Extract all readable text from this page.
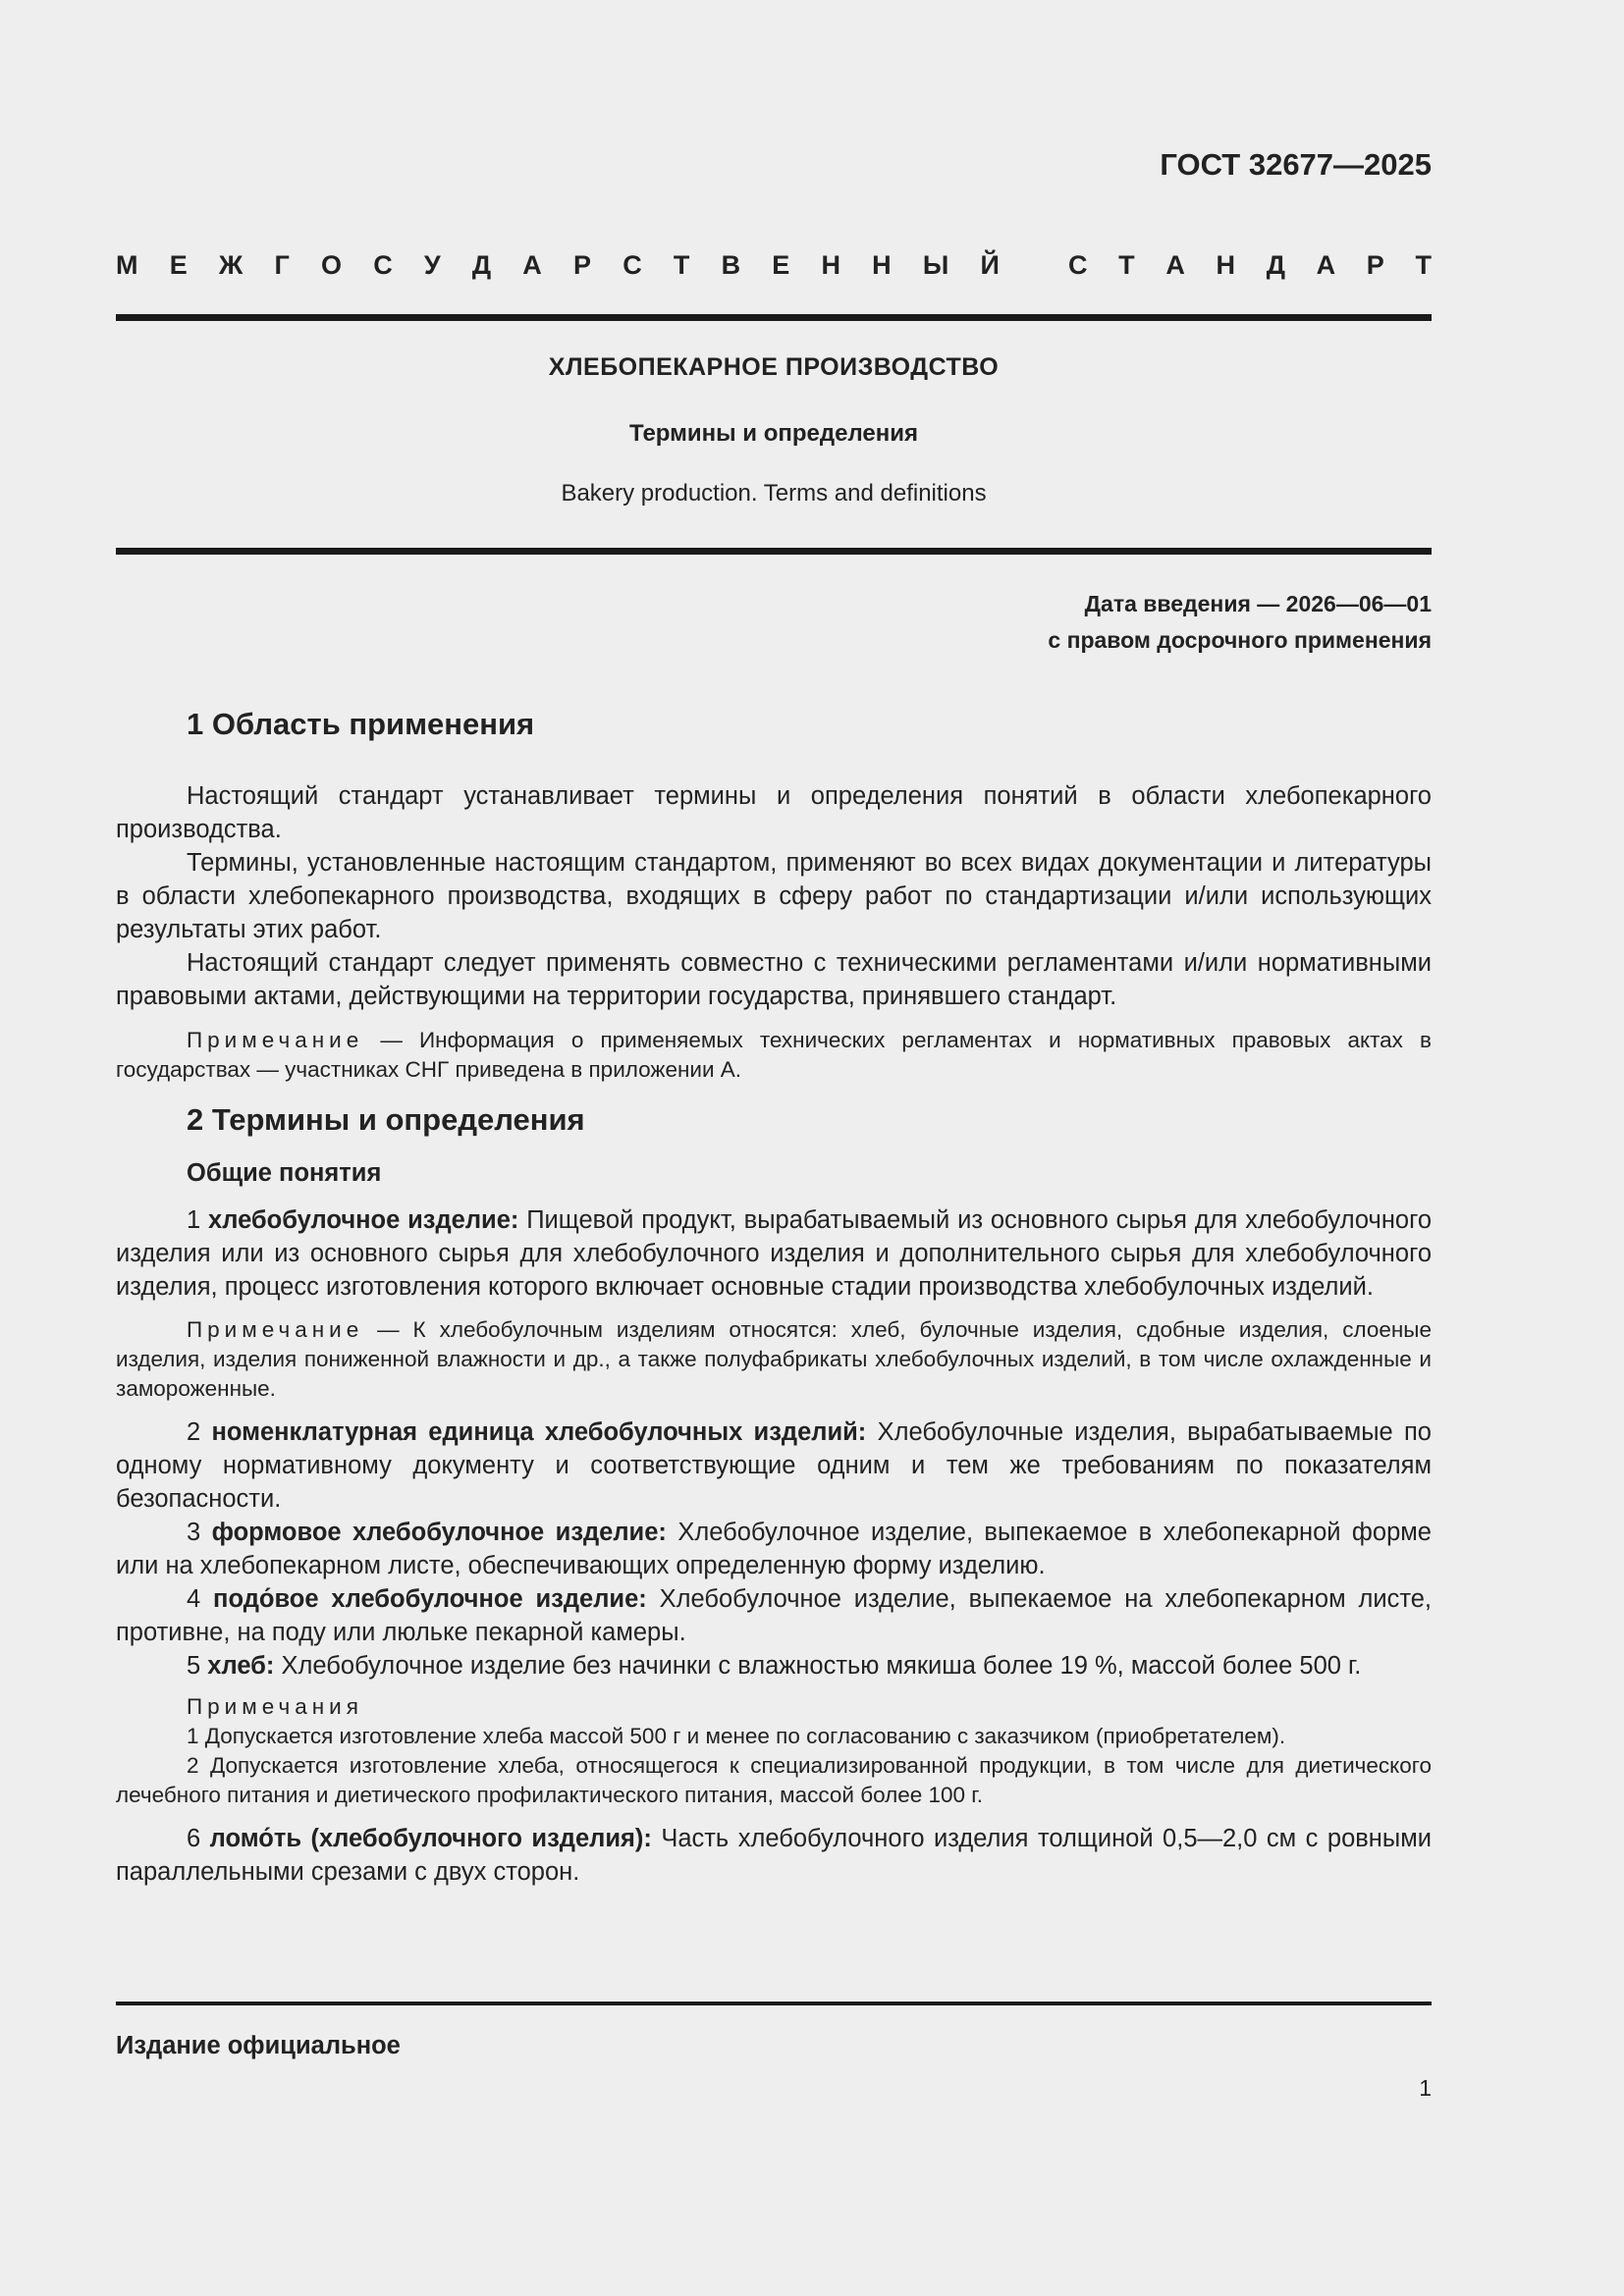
ГОСТ 32677—2025
М Е Ж Г О С У Д А Р С Т В Е Н Н Ы Й	С Т А Н Д А Р Т
ХЛЕБОПЕКАРНОЕ ПРОИЗВОДСТВО
Термины и определения
Bakery production. Terms and definitions
Дата введения — 2026—06—01
с правом досрочного применения
1 Область применения

Настоящий стандарт устанавливает термины и определения понятий в области хлебопекарного производства.

Термины, установленные настоящим стандартом, применяют во всех видах документации и литературы в области хлебопекарного производства, входящих в сферу работ по стандартизации и/или использующих результаты этих работ.

Настоящий стандарт следует применять совместно с техническими регламентами и/или нормативными правовыми актами, действующими на территории государства, принявшего стандарт.

Примечание — Информация о применяемых технических регламентах и нормативных правовых актах в государствах — участниках СНГ приведена в приложении А.

2 Термины и определения
Общие понятия

1 хлебобулочное изделие: Пищевой продукт, вырабатываемый из основного сырья для хлебобулочного изделия или из основного сырья для хлебобулочного изделия и дополнительного сырья для хлебобулочного изделия, процесс изготовления которого включает основные стадии производства хлебобулочных изделий.

Примечание — К хлебобулочным изделиям относятся: хлеб, булочные изделия, сдобные изделия, слоеные изделия, изделия пониженной влажности и др., а также полуфабрикаты хлебобулочных изделий, в том числе охлажденные и замороженные.

2 номенклатурная единица хлебобулочных изделий: Хлебобулочные изделия, вырабатываемые по одному нормативному документу и соответствующие одним и тем же требованиям по показателям безопасности.

3 формовое хлебобулочное изделие: Хлебобулочное изделие, выпекаемое в хлебопекарной форме или на хлебопекарном листе, обеспечивающих определенную форму изделию.

4 подо́вое хлебобулочное изделие: Хлебобулочное изделие, выпекаемое на хлебопекарном листе, противне, на поду или люльке пекарной камеры.

5 хлеб: Хлебобулочное изделие без начинки с влажностью мякиша более 19 %, массой более 500 г.

Примечания

1 Допускается изготовление хлеба массой 500 г и менее по согласованию с заказчиком (приобретателем).

2 Допускается изготовление хлеба, относящегося к специализированной продукции, в том числе для диетического лечебного питания и диетического профилактического питания, массой более 100 г.

6 ломо́ть (хлебобулочного изделия): Часть хлебобулочного изделия толщиной 0,5—2,0 см с ровными параллельными срезами с двух сторон.

Издание официальное
1
